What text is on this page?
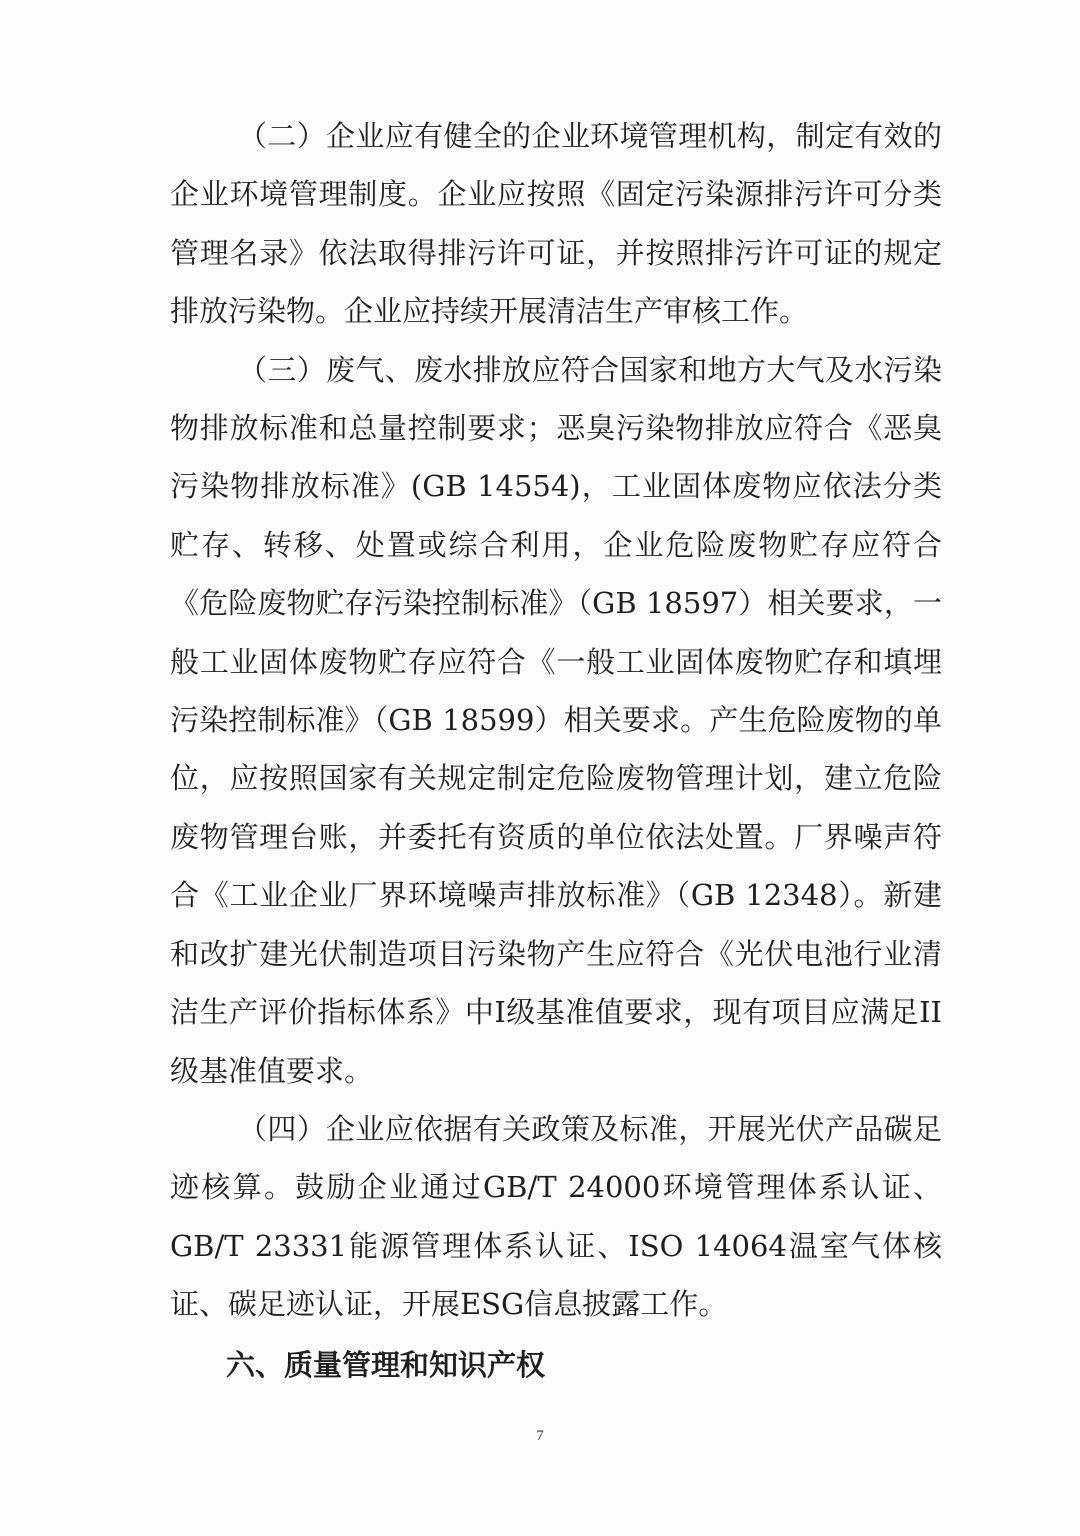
（二）企业应有健全的企业环境管理机构，制定有效的企业环境管理制度。企业应按照《固定污染源排污许可分类管理名录》依法取得排污许可证，并按照排污许可证的规定排放污染物。企业应持续开展清洁生产审核工作。

（三）废气、废水排放应符合国家和地方大气及水污染物排放标准和总量控制要求；恶臭污染物排放应符合《恶臭污染物排放标准》(GB 14554)，工业固体废物应依法分类贮存、转移、处置或综合利用，企业危险废物贮存应符合《危险废物贮存污染控制标准》（GB 18597）相关要求，一般工业固体废物贮存应符合《一般工业固体废物贮存和填埋污染控制标准》（GB 18599）相关要求。产生危险废物的单位，应按照国家有关规定制定危险废物管理计划，建立危险废物管理台账，并委托有资质的单位依法处置。厂界噪声符合《工业企业厂界环境噪声排放标准》（GB 12348）。新建和改扩建光伏制造项目污染物产生应符合《光伏电池行业清洁生产评价指标体系》中I级基准值要求，现有项目应满足II级基准值要求。

（四）企业应依据有关政策及标准，开展光伏产品碳足迹核算。鼓励企业通过GB/T 24000环境管理体系认证、GB/T 23331能源管理体系认证、ISO 14064温室气体核证、碳足迹认证，开展ESG信息披露工作。

六、质量管理和知识产权

7
